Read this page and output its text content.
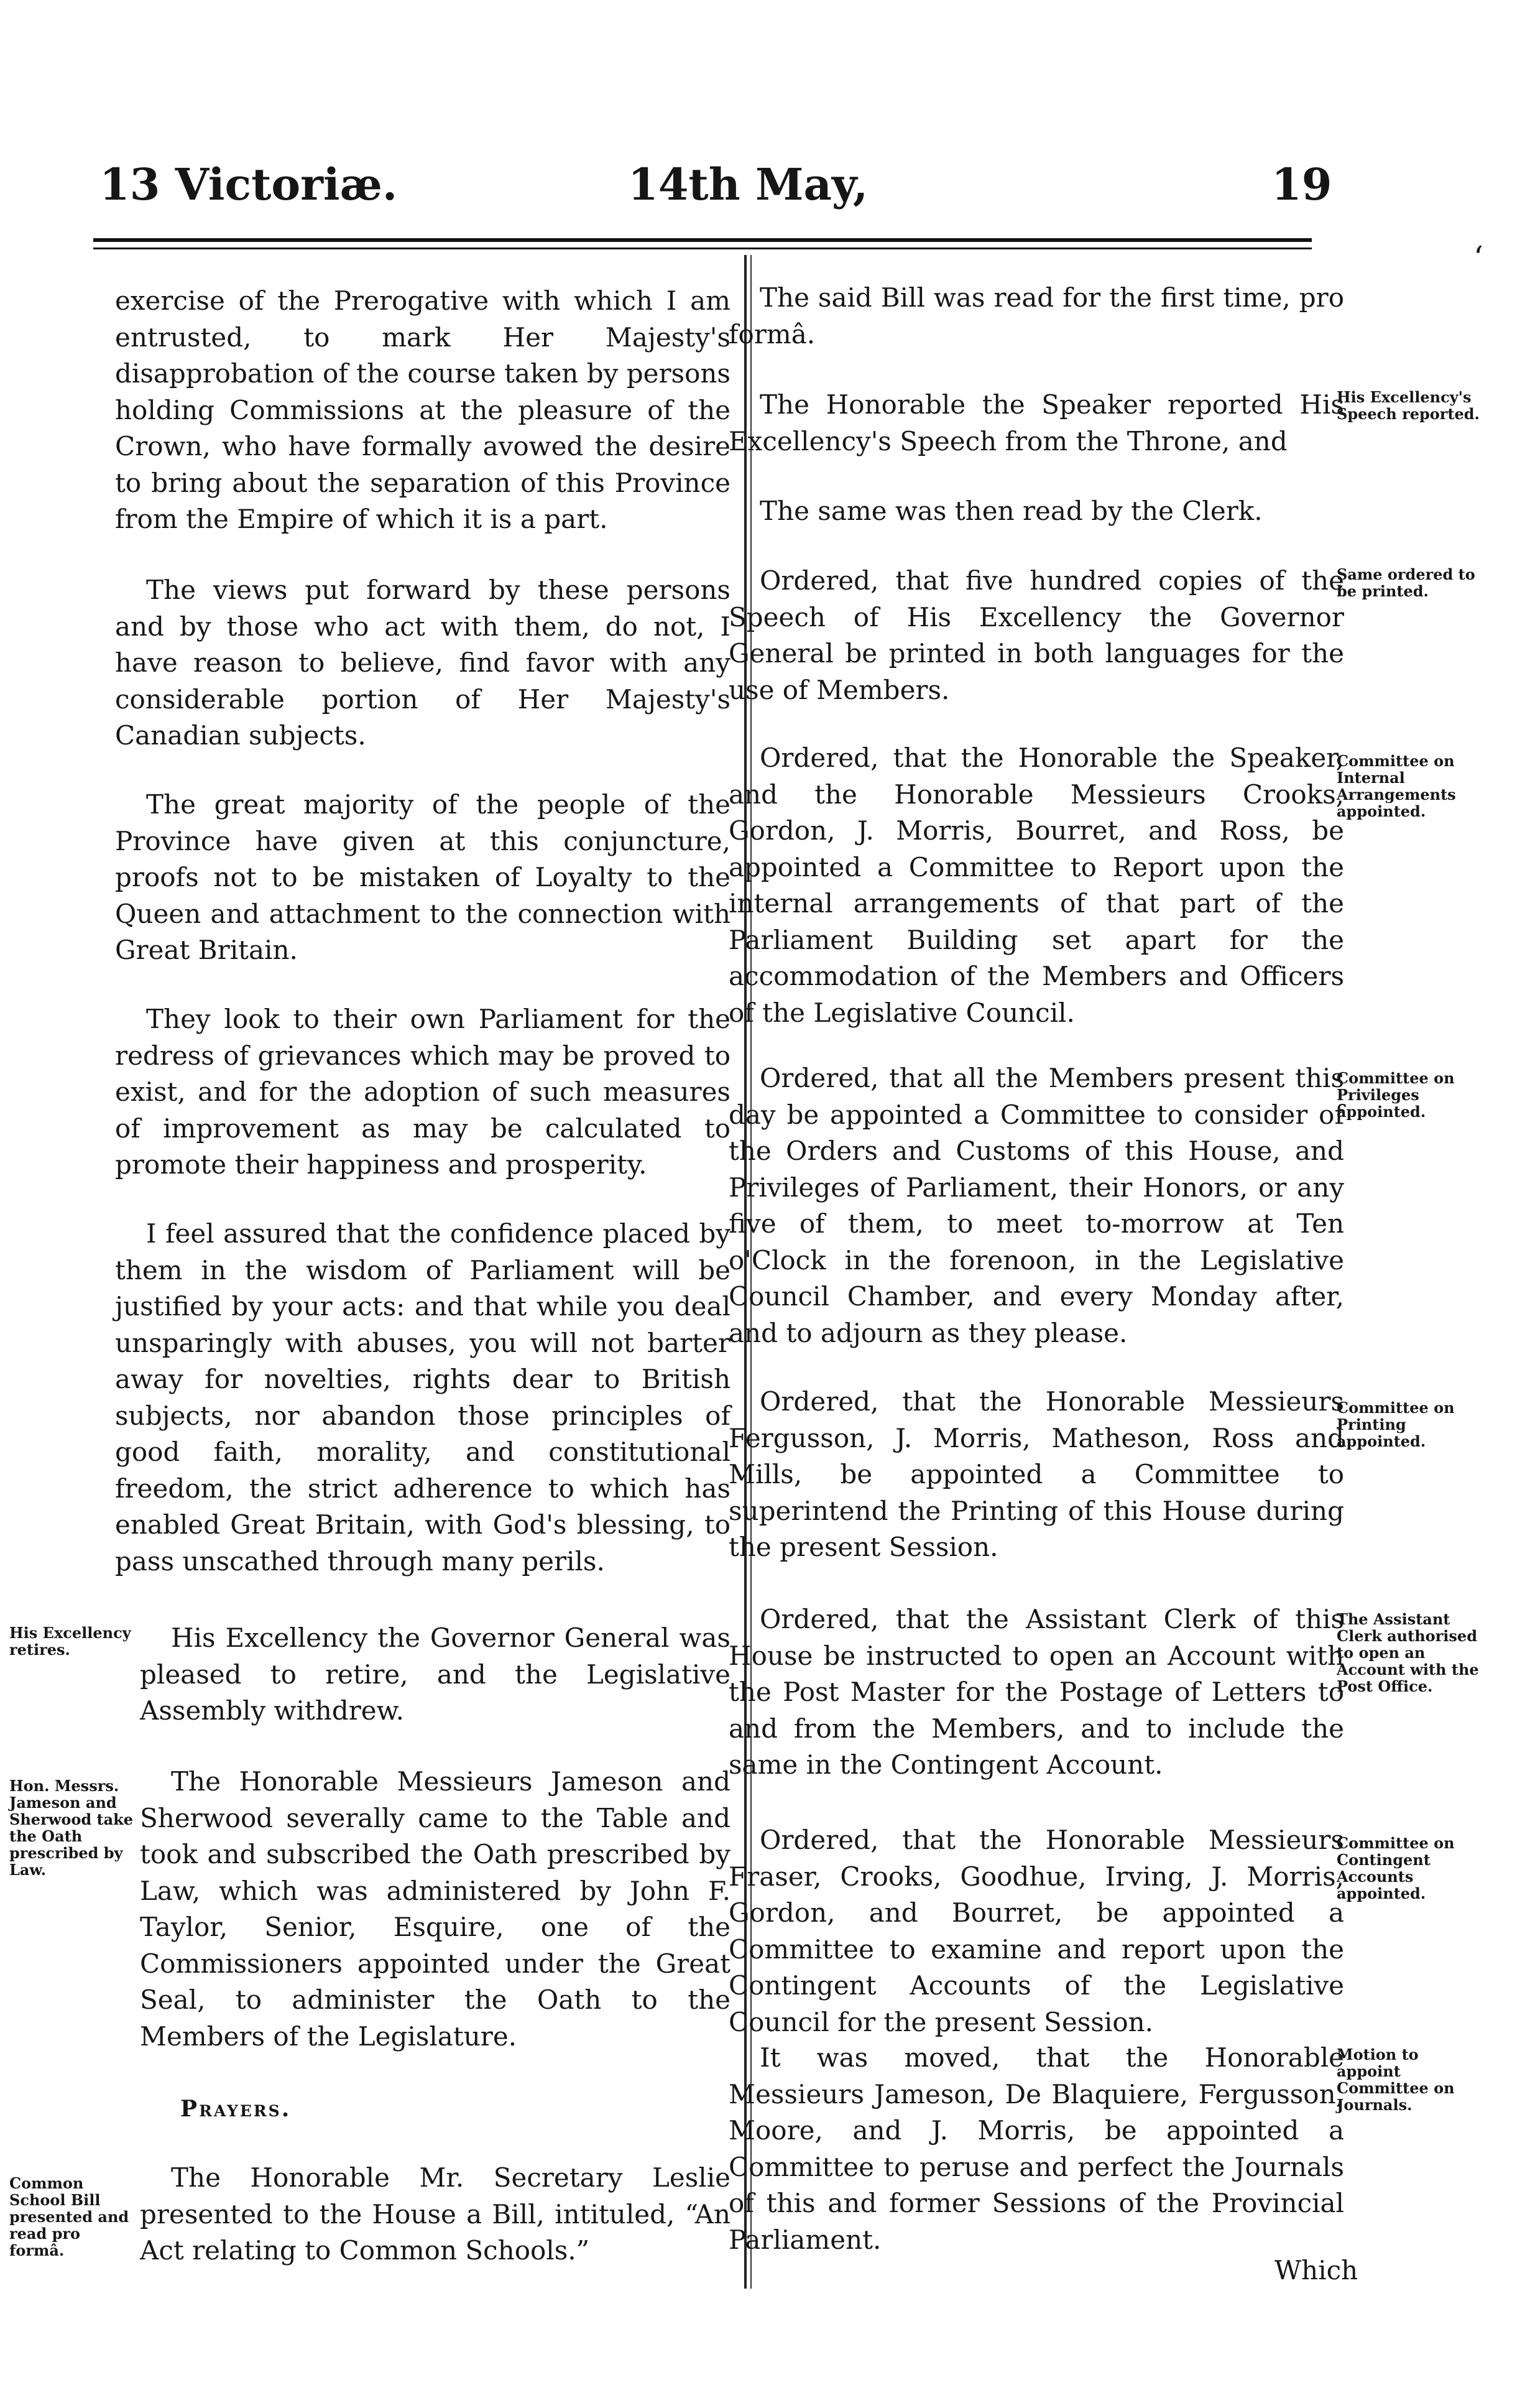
13 Victoriæ.	14th May,	19
‘

exercise of the Prerogative with which I am entrusted, to mark Her Majesty's disapprobation of the course taken by persons holding Commissions at the pleasure of the Crown, who have formally avowed the desire to bring about the separation of this Province from the Empire of which it is a part.

The views put forward by these persons and by those who act with them, do not, I have reason to believe, find favor with any considerable portion of Her Majesty's Canadian subjects.

The great majority of the people of the Province have given at this conjuncture, proofs not to be mistaken of Loyalty to the Queen and attachment to the connection with Great Britain.

They look to their own Parliament for the redress of grievances which may be proved to exist, and for the adoption of such measures of improvement as may be calculated to promote their happiness and prosperity.

I feel assured that the confidence placed by them in the wisdom of Parliament will be justified by your acts: and that while you deal unsparingly with abuses, you will not barter away for novelties, rights dear to British subjects, nor abandon those principles of good faith, morality, and constitutional freedom, the strict adherence to which has enabled Great Britain, with God's blessing, to pass unscathed through many perils.

His Excellency the Governor General was pleased to retire, and the Legislative Assembly withdrew.

The Honorable Messieurs Jameson and Sherwood severally came to the Table and took and subscribed the Oath prescribed by Law, which was administered by John F. Taylor, Senior, Esquire, one of the Commissioners appointed under the Great Seal, to administer the Oath to the Members of the Legislature.

The Honorable Mr. Secretary Leslie presented to the House a Bill, intituled, “An Act relating to Common Schools.”

Prayers.

The said Bill was read for the first time, pro formâ.

The Honorable the Speaker reported His Excellency's Speech from the Throne, and

The same was then read by the Clerk.

Ordered, that five hundred copies of the Speech of His Excellency the Governor General be printed in both languages for the use of Members.

Ordered, that the Honorable the Speaker, and the Honorable Messieurs Crooks, Gordon, J. Morris, Bourret, and Ross, be appointed a Committee to Report upon the internal arrangements of that part of the Parliament Building set apart for the accommodation of the Members and Officers of the Legislative Council.

Ordered, that all the Members present this day be appointed a Committee to consider of the Orders and Customs of this House, and Privileges of Parliament, their Honors, or any five of them, to meet to-morrow at Ten o'Clock in the forenoon, in the Legislative Council Chamber, and every Monday after, and to adjourn as they please.

Ordered, that the Honorable Messieurs Fergusson, J. Morris, Matheson, Ross and Mills, be appointed a Committee to superintend the Printing of this House during the present Session.

Ordered, that the Assistant Clerk of this House be instructed to open an Account with the Post Master for the Postage of Letters to and from the Members, and to include the same in the Contingent Account.

Ordered, that the Honorable Messieurs Fraser, Crooks, Goodhue, Irving, J. Morris, Gordon, and Bourret, be appointed a Committee to examine and report upon the Contingent Accounts of the Legislative Council for the present Session.

It was moved, that the Honorable Messieurs Jameson, De Blaquiere, Fergusson, Moore, and J. Morris, be appointed a Committee to peruse and perfect the Journals of this and former Sessions of the Provincial Parliament.

Which
His Excellency retires.
Hon. Messrs. Jameson and Sherwood take the Oath prescribed by Law.
Common School Bill presented and read pro formâ.
His Excellency's Speech reported.
Same ordered to be printed.
Committee on Internal Arrangements appointed.
Committee on Privileges appointed.
Committee on Printing appointed.
The Assistant Clerk authorised to open an Account with the Post Office.
Committee on Contingent Accounts appointed.
Motion to appoint Committee on Journals.
